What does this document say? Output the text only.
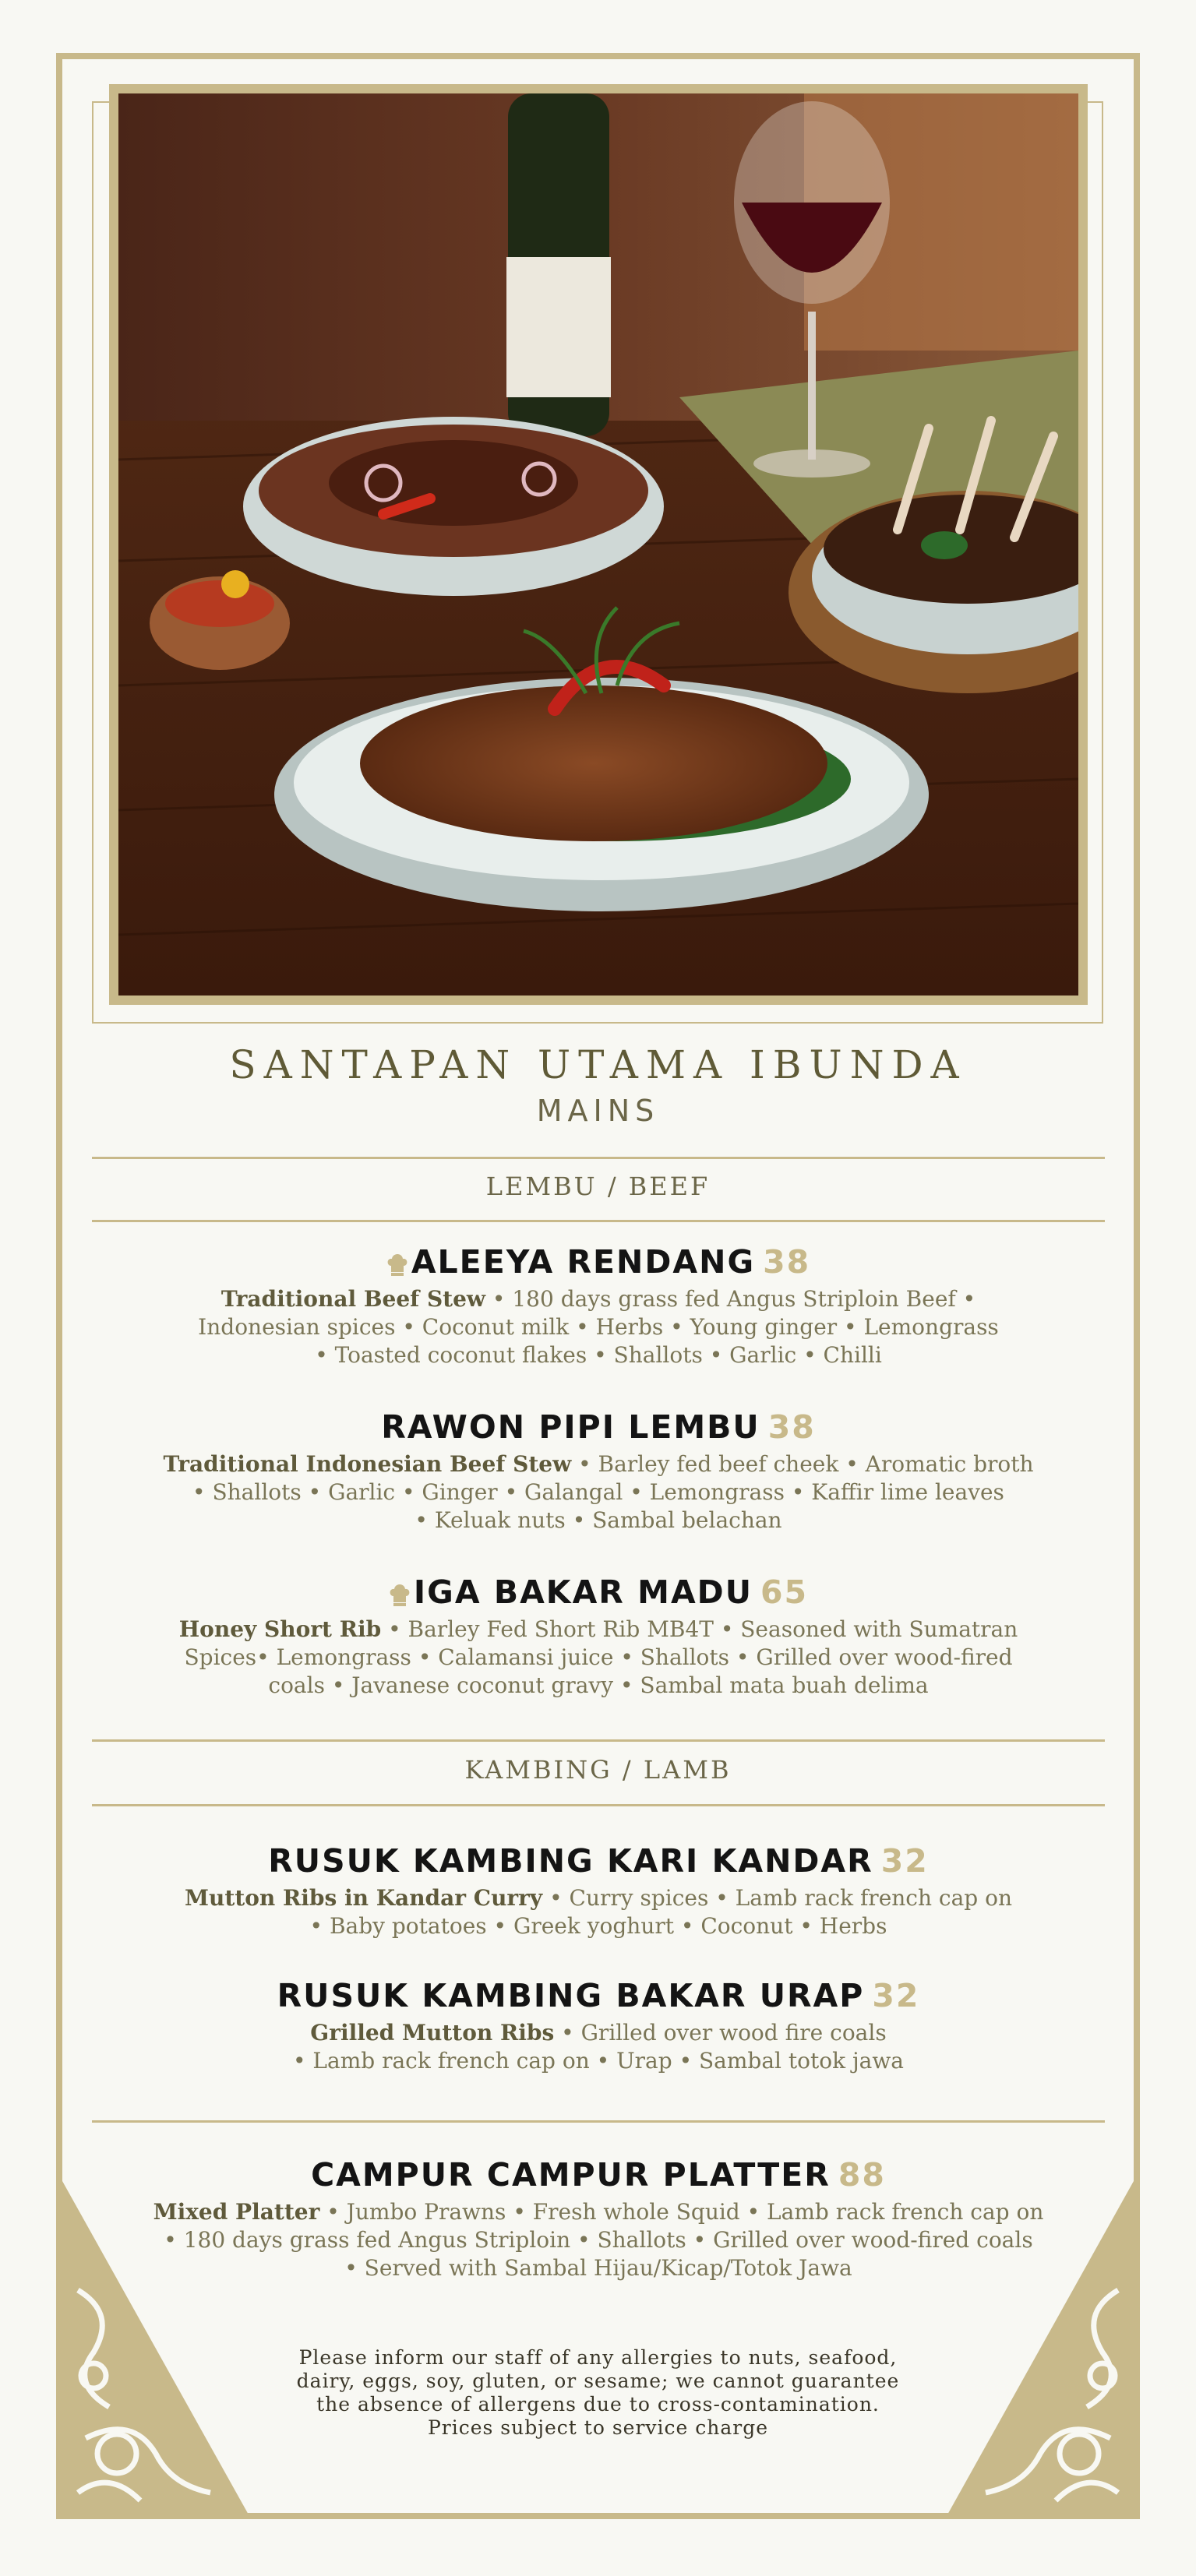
SANTAPAN UTAMA IBUNDA
MAINS
LEMBU / BEEF
ALEEYA RENDANG 38
Traditional Beef Stew • 180 days grass fed Angus Striploin Beef •
Indonesian spices • Coconut milk • Herbs • Young ginger • Lemongrass
• Toasted coconut flakes • Shallots • Garlic • Chilli
RAWON PIPI LEMBU 38
Traditional Indonesian Beef Stew • Barley fed beef cheek • Aromatic broth
• Shallots • Garlic • Ginger • Galangal • Lemongrass • Kaffir lime leaves
• Keluak nuts • Sambal belachan
IGA BAKAR MADU 65
Honey Short Rib • Barley Fed Short Rib MB4T • Seasoned with Sumatran
Spices• Lemongrass • Calamansi juice • Shallots • Grilled over wood-fired
coals • Javanese coconut gravy • Sambal mata buah delima
KAMBING / LAMB
RUSUK KAMBING KARI KANDAR 32
Mutton Ribs in Kandar Curry • Curry spices • Lamb rack french cap on
• Baby potatoes • Greek yoghurt • Coconut • Herbs
RUSUK KAMBING BAKAR URAP 32
Grilled Mutton Ribs • Grilled over wood fire coals
• Lamb rack french cap on • Urap • Sambal totok jawa
CAMPUR CAMPUR PLATTER 88
Mixed Platter • Jumbo Prawns • Fresh whole Squid • Lamb rack french cap on
• 180 days grass fed Angus Striploin • Shallots • Grilled over wood-fired coals
• Served with Sambal Hijau/Kicap/Totok Jawa
Please inform our staff of any allergies to nuts, seafood,
dairy, eggs, soy, gluten, or sesame; we cannot guarantee
the absence of allergens due to cross-contamination.
Prices subject to service charge
